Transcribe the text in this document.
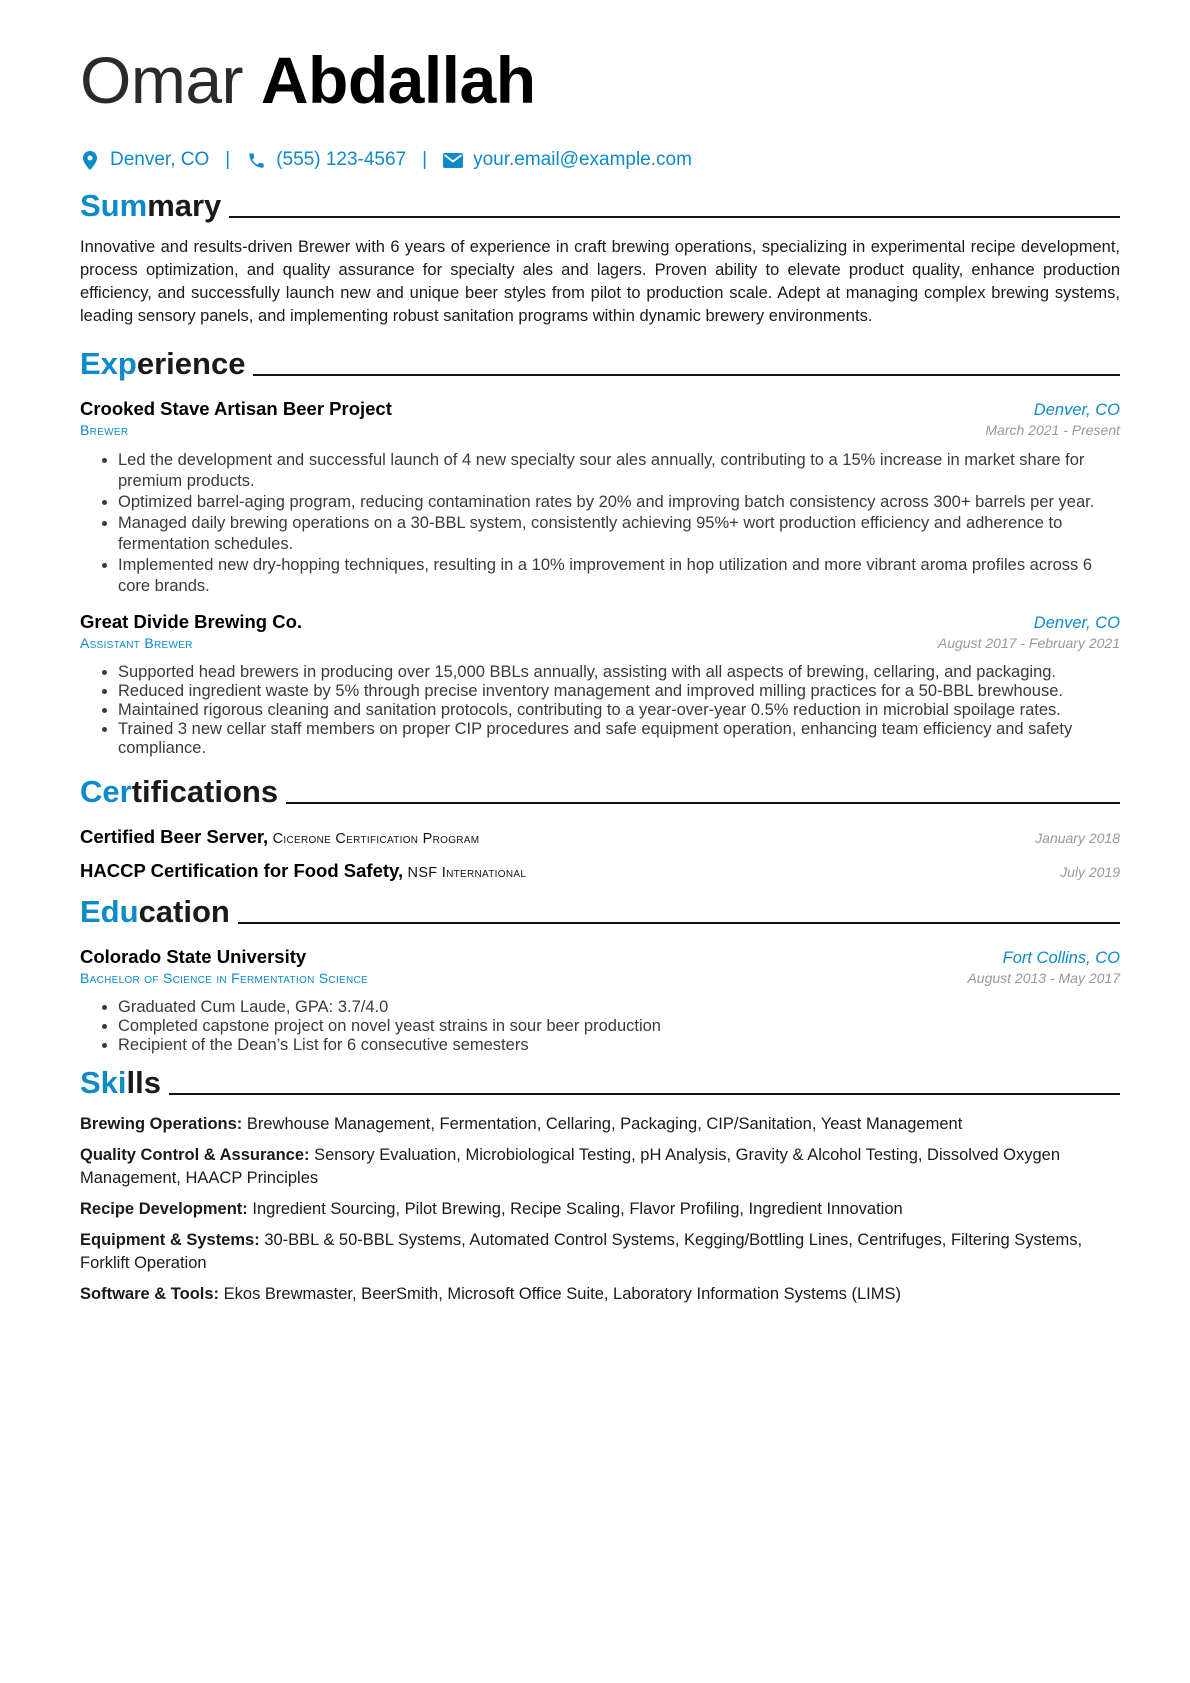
Omar Abdallah
Denver, CO | (555) 123-4567 | your.email@example.com
Summary
Innovative and results-driven Brewer with 6 years of experience in craft brewing operations, specializing in experimental recipe development, process optimization, and quality assurance for specialty ales and lagers. Proven ability to elevate product quality, enhance production efficiency, and successfully launch new and unique beer styles from pilot to production scale. Adept at managing complex brewing systems, leading sensory panels, and implementing robust sanitation programs within dynamic brewery environments.
Experience
Crooked Stave Artisan Beer Project	Denver, CO
Brewer	March 2021 - Present
• Led the development and successful launch of 4 new specialty sour ales annually, contributing to a 15% increase in market share for premium products.
• Optimized barrel-aging program, reducing contamination rates by 20% and improving batch consistency across 300+ barrels per year.
• Managed daily brewing operations on a 30-BBL system, consistently achieving 95%+ wort production efficiency and adherence to fermentation schedules.
• Implemented new dry-hopping techniques, resulting in a 10% improvement in hop utilization and more vibrant aroma profiles across 6 core brands.
Great Divide Brewing Co.	Denver, CO
Assistant Brewer	August 2017 - February 2021
• Supported head brewers in producing over 15,000 BBLs annually, assisting with all aspects of brewing, cellaring, and packaging.
• Reduced ingredient waste by 5% through precise inventory management and improved milling practices for a 50-BBL brewhouse.
• Maintained rigorous cleaning and sanitation protocols, contributing to a year-over-year 0.5% reduction in microbial spoilage rates.
• Trained 3 new cellar staff members on proper CIP procedures and safe equipment operation, enhancing team efficiency and safety compliance.
Certifications
Certified Beer Server, Cicerone Certification Program	January 2018
HACCP Certification for Food Safety, NSF International	July 2019
Education
Colorado State University	Fort Collins, CO
Bachelor of Science in Fermentation Science	August 2013 - May 2017
• Graduated Cum Laude, GPA: 3.7/4.0
• Completed capstone project on novel yeast strains in sour beer production
• Recipient of the Dean’s List for 6 consecutive semesters
Skills
Brewing Operations: Brewhouse Management, Fermentation, Cellaring, Packaging, CIP/Sanitation, Yeast Management
Quality Control & Assurance: Sensory Evaluation, Microbiological Testing, pH Analysis, Gravity & Alcohol Testing, Dissolved Oxygen Management, HAACP Principles
Recipe Development: Ingredient Sourcing, Pilot Brewing, Recipe Scaling, Flavor Profiling, Ingredient Innovation
Equipment & Systems: 30-BBL & 50-BBL Systems, Automated Control Systems, Kegging/Bottling Lines, Centrifuges, Filtering Systems, Forklift Operation
Software & Tools: Ekos Brewmaster, BeerSmith, Microsoft Office Suite, Laboratory Information Systems (LIMS)
